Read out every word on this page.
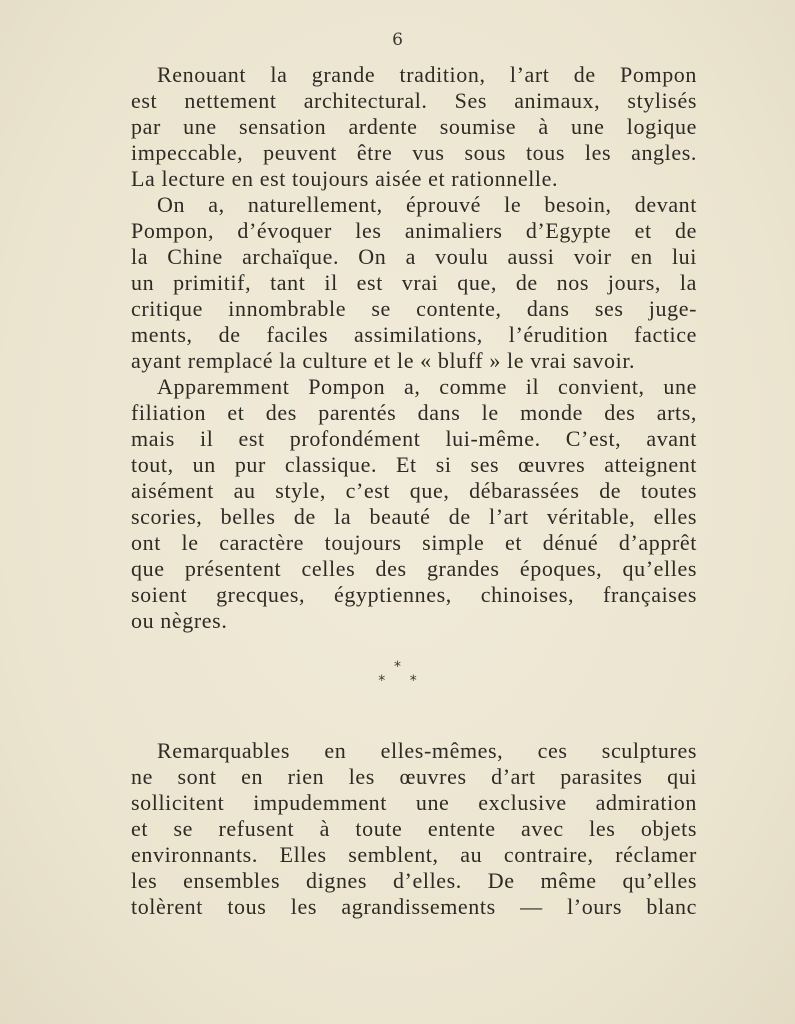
6
Renouant la grande tradition, l’art de Pompon
est nettement architectural. Ses animaux, stylisés
par une sensation ardente soumise à une logique
impeccable, peuvent être vus sous tous les angles.
La lecture en est toujours aisée et rationnelle.
On a, naturellement, éprouvé le besoin, devant
Pompon, d’évoquer les animaliers d’Egypte et de
la Chine archaïque. On a voulu aussi voir en lui
un primitif, tant il est vrai que, de nos jours, la
critique innombrable se contente, dans ses juge-
ments, de faciles assimilations, l’érudition factice
ayant remplacé la culture et le « bluff » le vrai savoir.
Apparemment Pompon a, comme il convient, une
filiation et des parentés dans le monde des arts,
mais il est profondément lui-même. C’est, avant
tout, un pur classique. Et si ses œuvres atteignent
aisément au style, c’est que, débarassées de toutes
scories, belles de la beauté de l’art véritable, elles
ont le caractère toujours simple et dénué d’apprêt
que présentent celles des grandes époques, qu’elles
soient grecques, égyptiennes, chinoises, françaises
ou nègres.
*
* *
Remarquables en elles-mêmes, ces sculptures
ne sont en rien les œuvres d’art parasites qui
sollicitent impudemment une exclusive admiration
et se refusent à toute entente avec les objets
environnants. Elles semblent, au contraire, réclamer
les ensembles dignes d’elles. De même qu’elles
tolèrent tous les agrandissements — l’ours blanc
